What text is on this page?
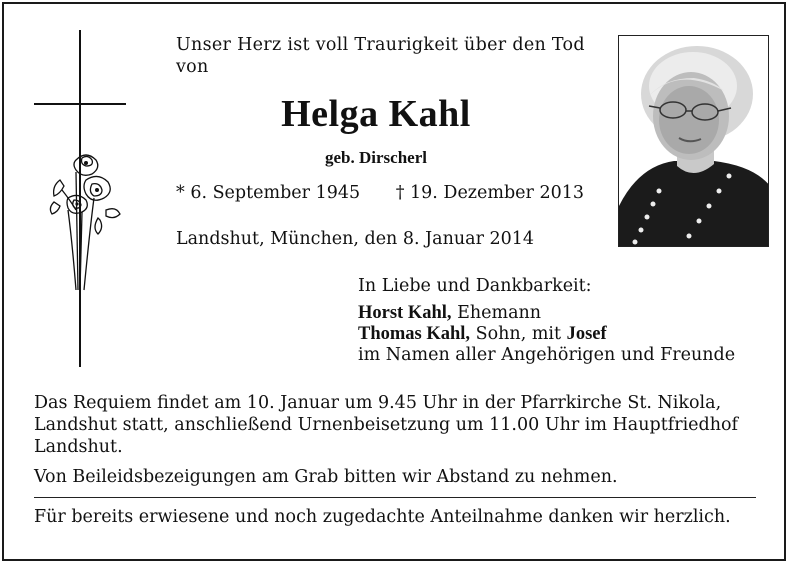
Unser Herz ist voll Traurigkeit über den Tod von
Helga Kahl
geb. Dirscherl
* 6. September 1945 † 19. Dezember 2013
Landshut, München, den 8. Januar 2014
In Liebe und Dankbarkeit:
Horst Kahl, Ehemann
Thomas Kahl, Sohn, mit Josef
im Namen aller Angehörigen und Freunde
Das Requiem findet am 10. Januar um 9.45 Uhr in der Pfarrkirche St. Nikola, Landshut statt, anschließend Urnenbeisetzung um 11.00 Uhr im Hauptfriedhof Landshut.
Von Beileidsbezeigungen am Grab bitten wir Abstand zu nehmen.
Für bereits erwiesene und noch zugedachte Anteilnahme danken wir herzlich.
